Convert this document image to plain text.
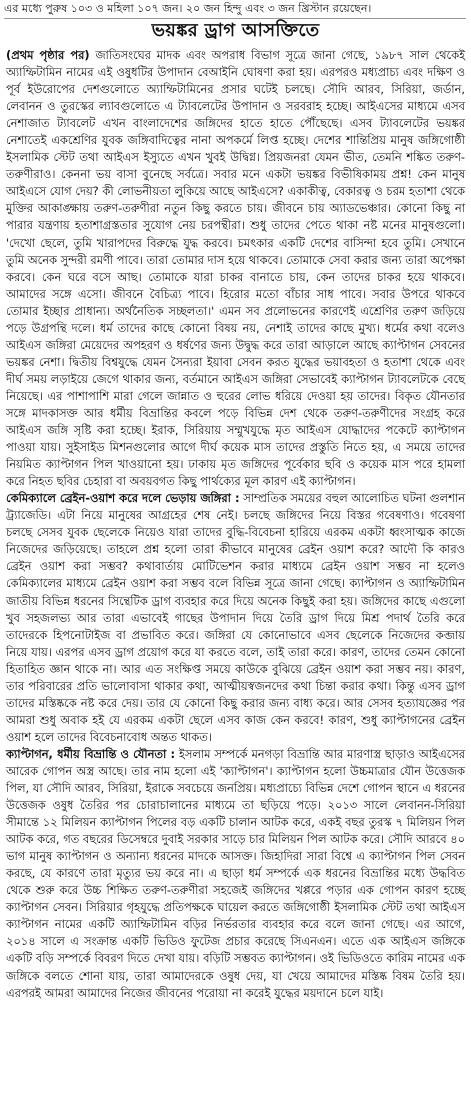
এর মধ্যে পুরুষ ১০৩ ও মহিলা ১০৭ জন। ২০ জন হিন্দু এবং ৩ জন খ্রিস্টান রয়েছেন।
ভয়ঙ্কর ড্রাগ আসক্তিতে

(প্রথম পৃষ্ঠার পর) জাতিসংঘের মাদক এবং অপরাধ বিভাগ সূত্রে জানা গেছে, ১৯৮৭ সাল থেকেই অ্যাম্ফিটামিন নামের এই ওষুধটির উপাদান বেআইনি ঘোষণা করা হয়। এরপরও মধ্যপ্রাচ্য এবং দক্ষিণ ও পূর্ব ইউরোপের দেশগুলোতে অ্যাম্ফিটামিনের প্রসার ঘটেই চলছে। সৌদি আরব, সিরিয়া, জর্ডান, লেবানন ও তুরস্কের ল্যাবগুলোতে এ ট্যাবলেটের উপাদান ও সরবরাহ হচ্ছে। আইএসের মাধ্যমে এসব নেশাজাত ট্যাবলেট এখন বাংলাদেশের জঙ্গিদের হাতে হাতে পৌঁছেছে। এসব ট্যাবলেটের ভয়ঙ্কর নেশাতেই একশ্রেণির যুবক জঙ্গিবাদিত্বের নানা অপকর্মে লিপ্ত হচ্ছে। দেশের শান্তিপ্রিয় মানুষ জঙ্গিগোষ্ঠী ইসলামিক স্টেট তথা আইএস ইস্যুতে এখন খুবই উদ্বিগ্ন। প্রিয়জনরা যেমন ভীত, তেমনি শঙ্কিত তরুণ-তরুণীরাও। কেননা ভয় বাসা বুনেছে সর্বত্রে। সবার মনে একটা ভয়ঙ্কর বিভীষিকাময় প্রশ্ন! কেন মানুষ আইএসে যোগ দেয়? কী লোভনীয়তা লুকিয়ে আছে আইএসে? একাকীত্ব, বেকারত্ব ও চরম হতাশা থেকে মুক্তির আকাঙ্ক্ষায় তরুণ-তরুণীরা নতুন কিছু করতে চায়। জীবনে চায় অ্যাডভেঞ্চার। কোনো কিছু না পারার যন্ত্রণায় হতাশাগ্রস্ততার সুযোগ নেয় চরপন্থীরা। শুধু তাদের পেতে থাকা নষ্ট মনের মানুষগুলো। 'দেখো ছেলে, তুমি খারাপদের বিরুদ্ধে যুদ্ধ করবে। চমৎকার একটি দেশের বাসিন্দা হবে তুমি। সেখানে তুমি অনেক সুন্দরী রমণী পাবে। তারা তোমার দাস হয়ে থাকবে। তোমাকে সেবা করার জন্য তারা অপেক্ষা করবে। কেন ঘরে বসে আছ। তোমাকে যারা চাকর বানাতে চায়, কেন তাদের চাকর হয়ে থাকবে। আমাদের সঙ্গে এসো। জীবনে বৈচিত্র্য পাবে। হিরোর মতো বাঁচার সাধ পাবে। সবার উপরে থাকবে তোমার ইচ্ছার প্রাধান্য। অর্থনৈতিক সচ্ছলতা।' এমন সব প্রলোভনের কারণেই এশ্রেণির তরুণ জড়িয়ে পড়ে উগ্রপন্থি দলে। ধর্ম তাদের কাছে কোনো বিষয় নয়, নেশাই তাদের কাছে মুখ্য। ধর্মের কথা বলেও আইএস জঙ্গিরা মেয়েদের অপহরণ ও ধর্ষণের জন্য উদ্বুদ্ধ করে তারা আড়ালে আছে ক্যাপ্টাগন সেবনের ভয়ঙ্কর নেশা। দ্বিতীয় বিশ্বযুদ্ধে যেমন সৈন্যরা ইয়াবা সেবন করত যুদ্ধের ভয়াবহতা ও হতাশা থেকে এবং দীর্ঘ সময় লড়াইয়ে জেগে থাকার জন্য, বর্তমানে আইএস জঙ্গিরা সেভাবেই ক্যাপ্টাগন ট্যাবলেটকে বেছে নিয়েছে। এর পাশাপাশি মারা গেলে জান্নাত ও হুরের লোভ ধরিয়ে দেওয়া হয় তাদের। বিকৃত যৌনতার সঙ্গে মাদকাসক্ত আর ধর্মীয় বিভ্রান্তির কবলে পড়ে বিভিন্ন দেশ থেকে তরুণ-তরুণীদের সংগ্রহ করে আইএস জঙ্গি সৃষ্টি করা হচ্ছে। ইরাক, সিরিয়ায় সম্মুখযুদ্ধে মৃত আইএস যোদ্ধাদের পকেটে ক্যাপ্টাগন পাওয়া যায়। সুইসাইড মিশনগুলোর আগে দীর্ঘ কয়েক মাস তাদের প্রস্তুতি নিতে হয়, এ সময়ে তাদের নিয়মিত ক্যাপ্টাগন পিল খাওয়ানো হয়। ঢাকায় মৃত জঙ্গিদের পূর্বেকার ছবি ও কয়েক মাস পরে হামলা করে নিহত ছবির চেহারা বা অবয়বগত কিছু পার্থক্যের মূল কারণ এই ক্যাপ্টাগন।

কেমিক্যালে ব্রেইন-ওয়াশ করে দলে ভেড়ায় জঙ্গিরা : সাম্প্রতিক সময়ের বহুল আলোচিত ঘটনা গুলশান ট্র্যাজেডি। এটা নিয়ে মানুষের আগ্রহের শেষ নেই। চলছে জঙ্গিদের নিয়ে বিস্তর গবেষণাও। গবেষণা চলছে সেসব যুবক ছেলেকে নিয়েও যারা তাদের বুদ্ধি-বিবেচনা হারিয়ে এরকম একটা ধ্বংসাত্মক কাজে নিজেদের জড়িয়েছে। তাহলে প্রশ্ন হলো তারা কীভাবে মানুষের ব্রেইন ওয়াশ করে? আদৌ কি কারও ব্রেইন ওয়াশ করা সম্ভব? কথাবার্তায় মোটিভেশন করার মাধ্যমে ব্রেইন ওয়াশ সম্ভব না হলেও কেমিক্যালের মাধ্যমে ব্রেইন ওয়াশ করা সম্ভব বলে বিভিন্ন সূত্রে জানা গেছে। ক্যাপ্টাগন ও অ্যাম্ফিটামিন জাতীয় বিভিন্ন ধরনের সিন্থেটিক ড্রাগ ব্যবহার করে দিয়ে অনেক কিছুই করা হয়। জঙ্গিদের কাছে এগুলো খুব সহজলভ্য আর তারা এভাবেই গাছের উপাদান দিয়ে তৈরি ড্রাগ দিয়ে মিশ্র পদার্থ তৈরি করে তাদেরকে হিপনোটাইজ বা প্রভাবিত করে। জঙ্গিরা যে কোনোভাবে এসব ছেলেকে নিজেদের কব্জায় নিয়ে যায়। এরপর এসব ড্রাগ প্রয়োগ করে যা করতে বলে, তাই তারা করে। কারণ, তাদের তেমন কোনো হিতাহিত জ্ঞান থাকে না। আর এত সংক্ষিপ্ত সময়ে কাউকে বুঝিয়ে ব্রেইন ওয়াশ করা সম্ভব নয়। কারণ, তার পরিবারের প্রতি ভালোবাসা থাকার কথা, আত্মীয়স্বজনদের কথা চিন্তা করার কথা। কিন্তু এসব ড্রাগ তাদের মস্তিষ্ককে নষ্ট করে দেয়। তার যে কোনো কিছু করার জন্য বাধ্য করে। আর সেসব হত্যাযজ্ঞের পর আমরা শুধু অবাক হই যে এরকম একটা ছেলে এসব কাজ কেন করবে! কারণ, শুধু ক্যাপ্টাগনের ব্রেইন ওয়াশ হলে তাদের বিবেচনাবোধ অন্তত থাকত।

ক্যাপ্টাগন, ধর্মীয় বিভ্রান্তি ও যৌনতা : ইসলাম সম্পর্কে মনগড়া বিভ্রান্তি আর মারণাস্ত্র ছাড়াও আইএসের আরেক গোপন অস্ত্র আছে। তার নাম হলো এই 'ক্যাপ্টাগন'। ক্যাপ্টাগন হলো উচ্চমাত্রার যৌন উত্তেজক পিল, যা সৌদি আরব, সিরিয়া, ইরাকে সবচেয়ে জনপ্রিয়। মধ্যপ্রাচ্যে বিভিন্ন দেশে গোপন স্থানে এ ধরনের উত্তেজক ওষুধ তৈরির পর চোরাচালানের মাধ্যমে তা ছড়িয়ে পড়ে। ২০১৩ সালে লেবানন-সিরিয়া সীমান্তে ১২ মিলিয়ন ক্যাপ্টাগন পিলের বড় একটি চালান আটক করে, একই বছর তুরস্ক ৭ মিলিয়ন পিল আটক করে, গত বছরের ডিসেম্বরে দুবাই সরকার সাড়ে চার মিলিয়ন পিল আটক করে। সৌদি আরবে ৪০ ভাগ মানুষ ক্যাপ্টাগন ও অন্যান্য ধরনের মাদকে আসক্ত। জিহাদিরা সারা বিশ্বে এ ক্যাপ্টাগন পিল সেবন করছে, যে কারণে তারা মৃত্যুর ভয় করে না। এ ছাড়া ধর্ম সম্পর্কে এক ধরনের বিভ্রান্তির মধ্যে উদ্ধবিত থেকে শুরু করে উচ্চ শিক্ষিত তরুণ-তরুণীরা সহজেই জঙ্গিদের খপ্পরে পড়ার এক গোপন কারণ হচ্ছে ক্যাপ্টাগন সেবন। সিরিয়ার গৃহযুদ্ধে প্রতিপক্ষকে ঘায়েল করতে জঙ্গিগোষ্ঠী ইসলামিক স্টেট তথা আইএস ক্যাপ্টাগন নামের একটি অ্যাম্ফিটামিন বড়ির নির্ভরতার ব্যবহার করে বলে জানা গেছে। এর আগে, ২০১৪ সালে এ সংক্রান্ত একটি ভিডিও ফুটেজ প্রচার করেছে সিএনএন। এতে এক আইএস জঙ্গিকে একটি বড়ি সম্পর্কে বিবরণ দিতে দেখা যায়। বড়িটি সম্ভবত ক্যাপ্টাগন। ওই ভিডিওতে কারিম নামের এক জঙ্গিকে বলতে শোনা যায়, তারা আমাদেরকে ওষুধ দেয়, যা খেয়ে আমাদের মস্তিষ্ক বিষম তৈরি হয়। এরপরই আমরা আমাদের নিজের জীবনের পরোয়া না করেই যুদ্ধের ময়দানে চলে যাই।
